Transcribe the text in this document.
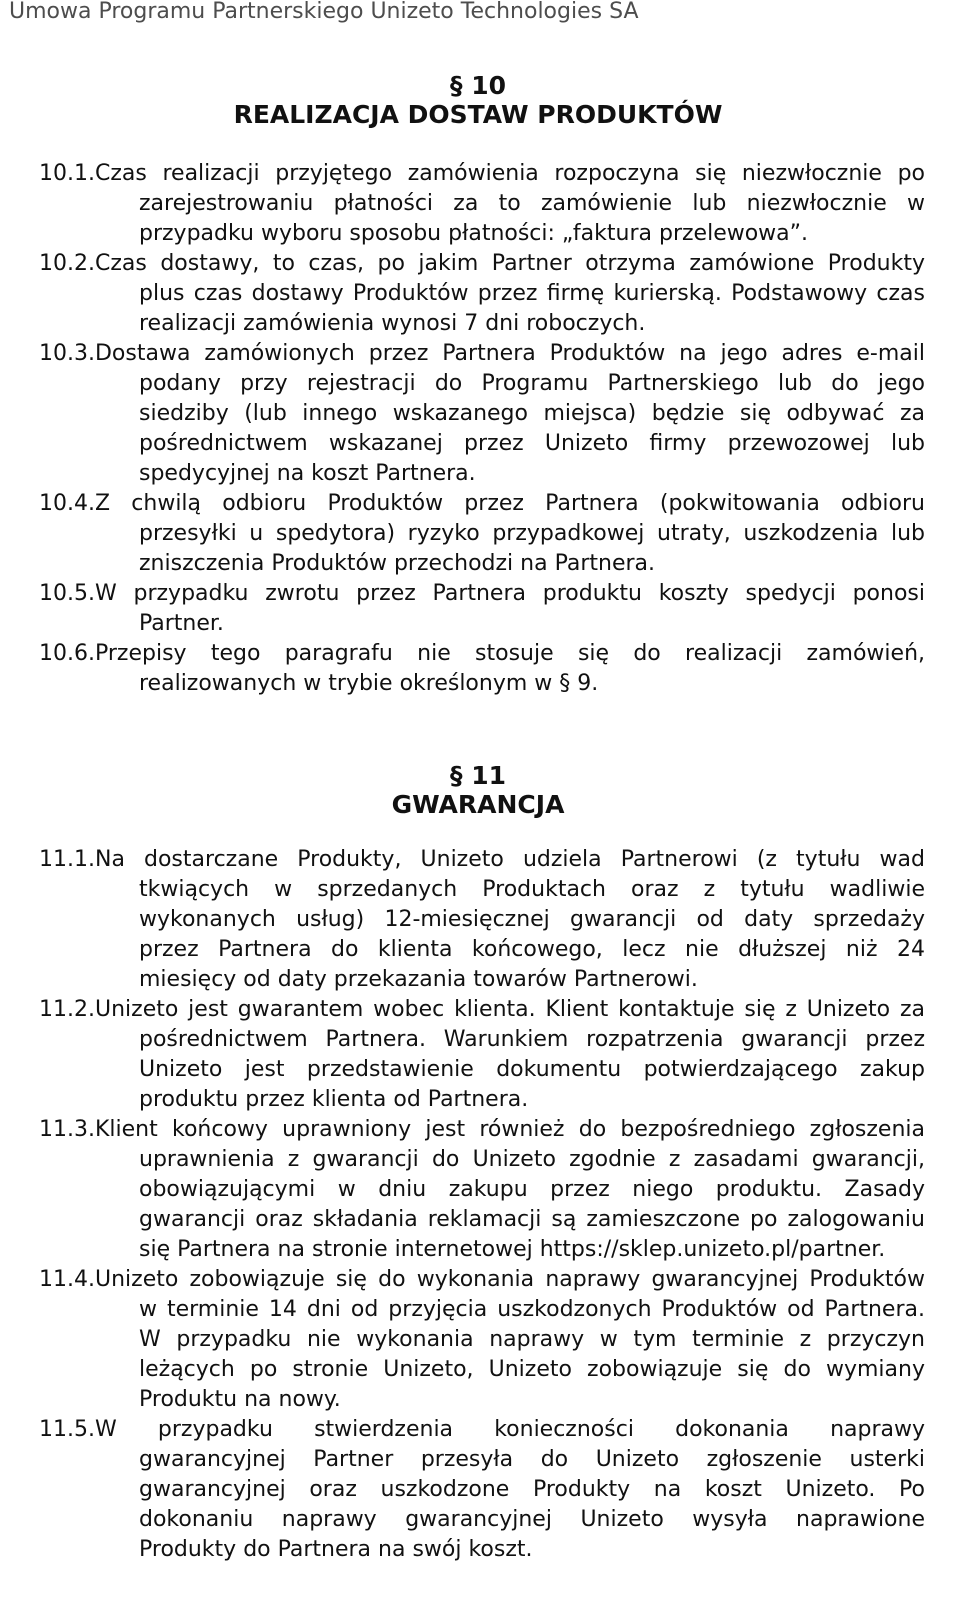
Umowa Programu Partnerskiego Unizeto Technologies SA
§ 10
REALIZACJA DOSTAW PRODUKTÓW
10.1.Czas realizacji przyjętego zamówienia rozpoczyna się niezwłocznie po
zarejestrowaniu płatności za to zamówienie lub niezwłocznie w
przypadku wyboru sposobu płatności: „faktura przelewowa”.
10.2.Czas dostawy, to czas, po jakim Partner otrzyma zamówione Produkty
plus czas dostawy Produktów przez firmę kurierską. Podstawowy czas
realizacji zamówienia wynosi 7 dni roboczych.
10.3.Dostawa zamówionych przez Partnera Produktów na jego adres e-mail
podany przy rejestracji do Programu Partnerskiego lub do jego
siedziby (lub innego wskazanego miejsca) będzie się odbywać za
pośrednictwem wskazanej przez Unizeto firmy przewozowej lub
spedycyjnej na koszt Partnera.
10.4.Z chwilą odbioru Produktów przez Partnera (pokwitowania odbioru
przesyłki u spedytora) ryzyko przypadkowej utraty, uszkodzenia lub
zniszczenia Produktów przechodzi na Partnera.
10.5.W przypadku zwrotu przez Partnera produktu koszty spedycji ponosi
Partner.
10.6.Przepisy tego paragrafu nie stosuje się do realizacji zamówień,
realizowanych w trybie określonym w § 9.
§ 11
GWARANCJA
11.1.Na dostarczane Produkty, Unizeto udziela Partnerowi (z tytułu wad
tkwiących w sprzedanych Produktach oraz z tytułu wadliwie
wykonanych usług) 12-miesięcznej gwarancji od daty sprzedaży
przez Partnera do klienta końcowego, lecz nie dłuższej niż 24
miesięcy od daty przekazania towarów Partnerowi.
11.2.Unizeto jest gwarantem wobec klienta. Klient kontaktuje się z Unizeto za
pośrednictwem Partnera. Warunkiem rozpatrzenia gwarancji przez
Unizeto jest przedstawienie dokumentu potwierdzającego zakup
produktu przez klienta od Partnera.
11.3.Klient końcowy uprawniony jest również do bezpośredniego zgłoszenia
uprawnienia z gwarancji do Unizeto zgodnie z zasadami gwarancji,
obowiązującymi w dniu zakupu przez niego produktu. Zasady
gwarancji oraz składania reklamacji są zamieszczone po zalogowaniu
się Partnera na stronie internetowej https://sklep.unizeto.pl/partner.
11.4.Unizeto zobowiązuje się do wykonania naprawy gwarancyjnej Produktów
w terminie 14 dni od przyjęcia uszkodzonych Produktów od Partnera.
W przypadku nie wykonania naprawy w tym terminie z przyczyn
leżących po stronie Unizeto, Unizeto zobowiązuje się do wymiany
Produktu na nowy.
11.5.W przypadku stwierdzenia konieczności dokonania naprawy
gwarancyjnej Partner przesyła do Unizeto zgłoszenie usterki
gwarancyjnej oraz uszkodzone Produkty na koszt Unizeto. Po
dokonaniu naprawy gwarancyjnej Unizeto wysyła naprawione
Produkty do Partnera na swój koszt.
